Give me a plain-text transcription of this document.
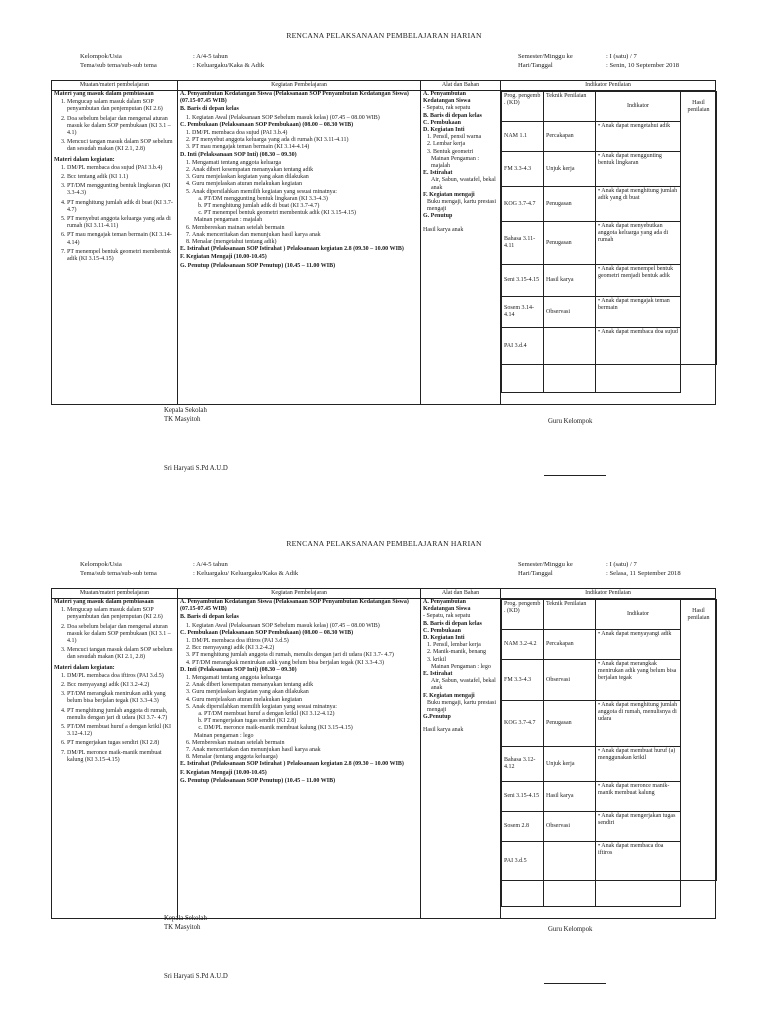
RENCANA PELAKSANAAN PEMBELAJARAN HARIAN
Kelompok/Usia	: A/4-5 tahun
Tema/sub tema/sub-sub tema	: Keluargaku/Kaka & Adik
Semester/Minggu ke	: I (satu) / 7
Hari/Tanggal	: Senin, 10 September 2018
Muatan/materi pembelajaran	Kegiatan Pembelajaran	Alat dan Bahan	Indikator Penilaian

Materi yang masuk dalam pembiasaan
1. Mengucap salam masuk dalam SOP penyambutan dan penjemputan (KI 2.6)
2. Doa sebelum belajar dan mengenal aturan masuk ke dalam SOP pembukaan (KI 3.1 – 4.1)
3. Mencuci tangan masuk dalam SOP sebelum dan sesudah makan (KI 2.1, 2.8)
Materi dalam kegiatan:
1. DM/PL membaca doa sujud (PAI 3.b.4)
2. Bcc tentang adik (KI 1.1)
3. PT/DM menggunting bentuk lingkaran (KI 3.3-4.3)
4. PT menghitung jumlah adik di buat (KI 3.7-4.7)
5. PT menyebut anggota keluarga yang ada di rumah (KI 3.11-4.11)
6. PT mau mengajak teman bermain (KI 3.14-4.14)
7. PT menempel bentuk geometri membentuk adik (KI 3.15-4.15)

A. Penyambutan Kedatangan Siswa (Pelaksanaan SOP Penyambutan Kedatangan Siswa) (07.15-07.45 WIB)
B. Baris di depan kelas
1. Kegiatan Awal (Pelaksanaan SOP Sebelum masuk kelas) (07.45 – 08.00 WIB)
C. Pembukaan (Pelaksanaan SOP Pembukaan) (08.00 – 08.30 WIB)
1. DM/PL membaca doa sujud (PAI 3.b.4)
2. PT menyebut anggota keluarga yang ada di rumah (KI 3.11-4.11)
3. PT mau mengajak teman bermain (KI 3.14-4.14)
D. Inti (Pelaksanaan SOP Inti) (08.30 – 09.30)
1. Mengamati tentang anggota keluarga
2. Anak diberi kesempatan menanyakan tentang adik
3. Guru menjelaskan kegiatan yang akan dilakukan
4. Guru menjelaskan aturan melakukan kegiatan
5. Anak dipersilahkan memilih kegiatan yang sesuai minatnya:
a. PT/DM menggunting bentuk lingkaran (KI 3.3-4.3)
b. PT menghitung jumlah adik di buat (KI 3.7-4.7)
c. PT menempel bentuk geometri membentuk adik (KI 3.15-4.15)
Mainan pengaman : majalah
6. Membereskan mainan setelah bermain
7. Anak menceritakan dan menunjukan hasil karya anak
8. Menalar (mengetahui tentang adik)
E. Istirahat (Pelaksanaan SOP Istirahat ) Pelaksanaan kegiatan 2.8 (09.30 – 10.00 WIB)
F. Kegiatan Mengaji (10.00-10.45)
G. Penutup (Pelaksanaan SOP Penutup) (10.45 – 11.00 WIB)

A. Penyambutan Kedatangan Siswa
- Sepatu, rak sepatu
B. Baris di depan kelas
C. Pembukaan
D. Kegiatan Inti
1. Pensil, pensil warna
2. Lembar kerja
3. Bentuk geometri
Mainan Pengaman : majalah
E. Istirahat
Air, Sabun, wastafel, bekal anak
F. Kegiatan mengaji
Buku mengaji, kartu prestasi mengaji
G. Penutup
Hasil karya anak

Prog. pengemb . (KD)	Teknik Penilaian	Indikator	Hasil penilaian
NAM 1.1	Percakapan	• Anak dapat mengetahui adik
FM 3.3-4.3	Unjuk kerja	• Anak dapat menggunting bentuk lingkaran
KOG 3.7-4.7	Penugasan	• Anak dapat menghitung jumlah adik yang di buat
Bahasa 3.11-4.11	Penugasan	• Anak dapat menyebutkan anggota keluarga yang ada di rumah
Seni 3.15-4.15	Hasil karya	• Anak dapat menempel bentuk geometri menjadi bentuk adik
Sosem 3.14-4.14	Observasi	• Anak dapat mengajak teman bermain
PAI 3.d.4		• Anak dapat membaca doa sujud

Kepala Sekolah
TK Masyitoh	Guru Kelompok
Sri Haryati S.Pd A.U.D
RENCANA PELAKSANAAN PEMBELAJARAN HARIAN
Kelompok/Usia	: A/4-5 tahun
Tema/sub tema/sub-sub tema	: Keluargaku/ Keluargaku/Kaka & Adik
Semester/Minggu ke	: I (satu) / 7
Hari/Tanggal	: Selasa, 11 September 2018
Muatan/materi pembelajaran	Kegiatan Pembelajaran	Alat dan Bahan	Indikator Penilaian

Materi yang masuk dalam pembiasaan
1. Mengucap salam masuk dalam SOP penyambutan dan penjemputan (KI 2.6)
2. Doa sebelum belajar dan mengenal aturan masuk ke dalam SOP pembukaan (KI 3.1 – 4.1)
3. Mencuci tangan masuk dalam SOP sebelum dan sesudah makan (KI 2.1, 2.8)
Materi dalam kegiatan:
1. DM/PL membaca doa iftiros (PAI 3.d.5)
2. Bcc menyayangi adik (KI 3.2-4.2)
3. PT/DM merangkak menirukan adik yang belum bisa berjalan tegak (KI 3.3-4.3)
4. PT menghitung jumlah anggota di rumah, menulis dengan jari di udara (KI 3.7- 4.7)
5. PT/DM membuat huruf a dengan krikil (KI 3.12-4.12)
6. PT mengerjakan tugas sendiri (KI 2.8)
7. DM/PL meronce maik-manik membuat kalung (KI 3.15-4.15)

A. Penyambutan Kedatangan Siswa (Pelaksanaan SOP Penyambutan Kedatangan Siswa) (07.15-07.45 WIB)
B. Baris di depan kelas
1. Kegiatan Awal (Pelaksanaan SOP Sebelum masuk kelas) (07.45 – 08.00 WIB)
C. Pembukaan (Pelaksanaan SOP Pembukaan) (08.00 – 08.30 WIB)
1. DM/PL membaca doa iftiros (PAI 3.d.5)
2. Bcc menyayangi adik (KI 3.2-4.2)
3. PT menghitung jumlah anggota di rumah, menulis dengan jari di udara (KI 3.7- 4.7)
4. PT/DM merangkak menirukan adik yang belum bisa berjalan tegak (KI 3.3-4.3)
D. Inti (Pelaksanaan SOP Inti) (08.30 – 09.30)
1. Mengamati tentang anggota keluarga
2. Anak diberi kesempatan menanyakan tentang adik
3. Guru menjelaskan kegiatan yang akan dilakukan
4. Guru menjelaskan aturan melakukan kegiatan
5. Anak dipersilahkan memilih kegiatan yang sesuai minatnya:
a. PT/DM membuat huruf a dengan krikil (KI 3.12-4.12)
b. PT mengerjakan tugas sendiri (KI 2.8)
c. DM/PL meronce maik-manik membuat kalung (KI 3.15-4.15)
Mainan pengaman : lego
6. Membereskan mainan setelah bermain
7. Anak menceritakan dan menunjukan hasil karya anak
8. Menalar (tentang anggota keluarga)
E. Istirahat (Pelaksanaan SOP Istirahat ) Pelaksanaan kegiatan 2.8 (09.30 – 10.00 WIB)
F. Kegiatan Mengaji (10.00-10.45)
G. Penutup (Pelaksanaan SOP Penutup) (10.45 – 11.00 WIB)

A. Penyambutan Kedatangan Siswa
- Sepatu, rak sepatu
B. Baris di depan kelas
C. Pembukaan
D. Kegiatan Inti
1. Pensil, lembar kerja
2. Manik-manik, benang
3. krikil
Mainan Pengaman : lego
E. Istirahat
Air, Sabun, wastafel, bekal anak
F. Kegiatan mengaji
Buku mengaji, kartu prestasi mengaji
G.Penutup
Hasil karya anak

Prog. pengemb . (KD)	Teknik Penilaian	Indikator	Hasil penilaian
NAM 3.2-4.2	Percakapan	• Anak dapat menyayangi adik
FM 3.3-4.3	Observasi	• Anak dapat merangkak menirukan adik yang belum bisa berjalan tegak
KOG 3.7-4.7	Penugasan	• Anak dapat menghitung jumlah anggota di rumah, menulisnya di udara
Bahasa 3.12-4.12	Unjuk kerja	• Anak dapat membuat huruf (a) menggunakan krikil
Seni 3.15-4.15	Hasil karya	• Anak dapat meronce manik-manik membuat kalung
Sosem 2.8	Observasi	• Anak dapat mengerjakan tugas sendiri
PAI 3.d.5		• Anak dapat membaca doa iftiros

Kepala Sekolah
TK Masyitoh	Guru Kelompok
Sri Haryati S.Pd A.U.D
